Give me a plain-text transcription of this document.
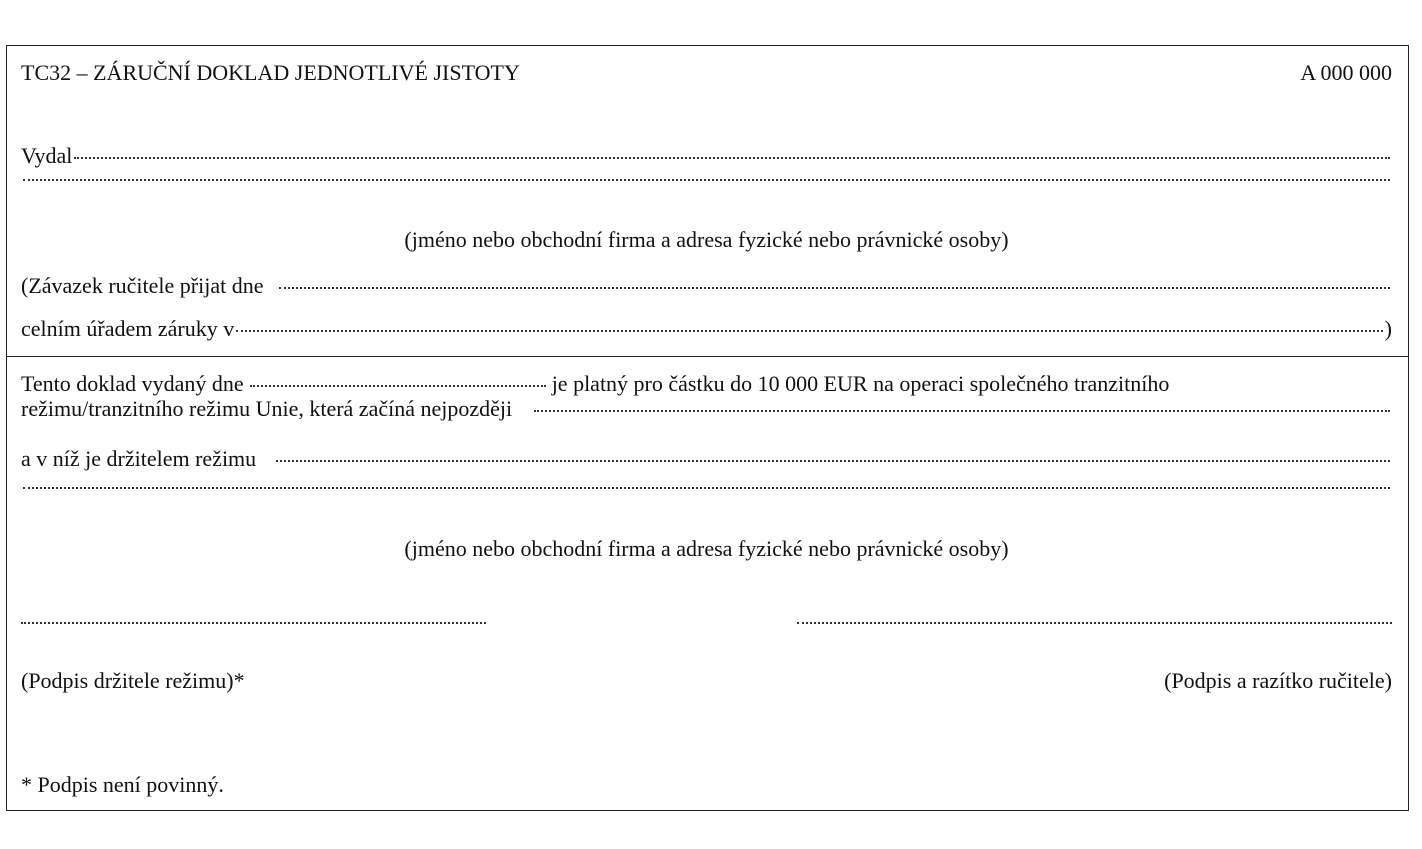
TC32 – ZÁRUČNÍ DOKLAD JEDNOTLIVÉ JISTOTY	A 000 000
Vydal
(jméno nebo obchodní firma a adresa fyzické nebo právnické osoby)
(Závazek ručitele přijat dne
celním úřadem záruky v	)
Tento doklad vydaný dne	je platný pro částku do 10 000 EUR na operaci společného tranzitního
režimu/tranzitního režimu Unie, která začíná nejpozději
a v níž je držitelem režimu
(jméno nebo obchodní firma a adresa fyzické nebo právnické osoby)
(Podpis držitele režimu)*	(Podpis a razítko ručitele)
* Podpis není povinný.
